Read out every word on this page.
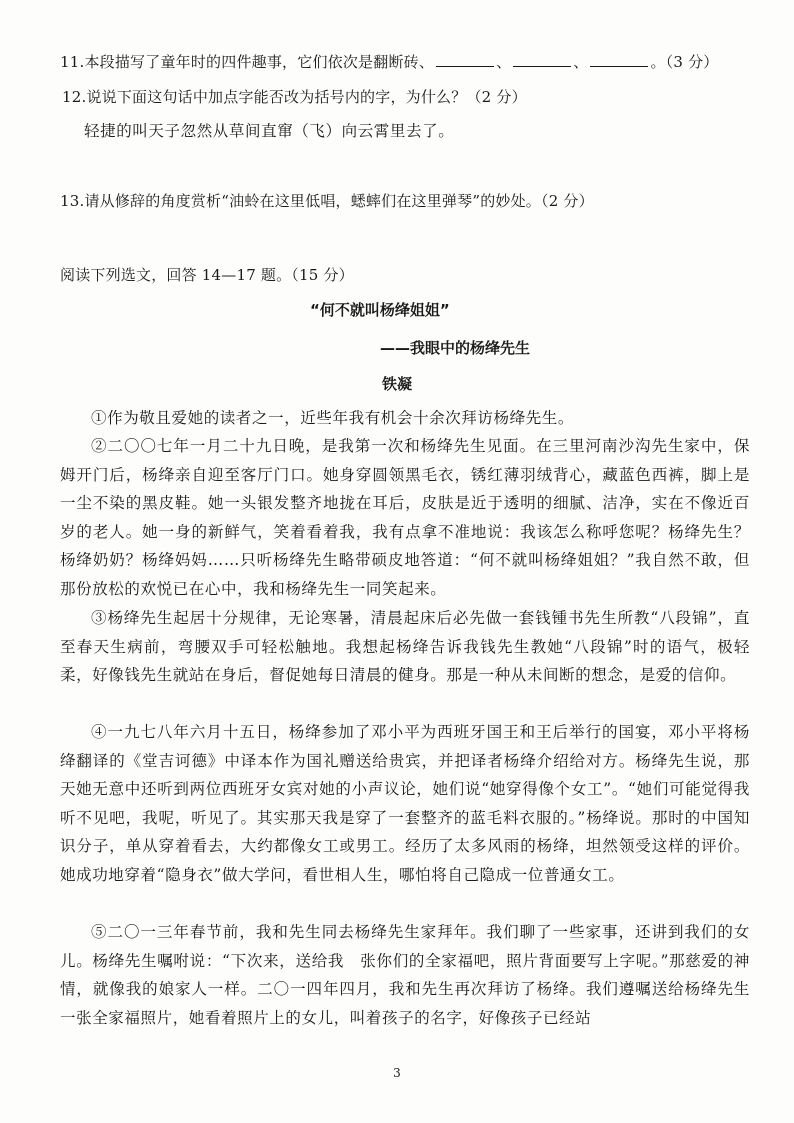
11.本段描写了童年时的四件趣事，它们依次是翻断砖、	、	、	。（3 分）
12.说说下面这句话中加点字能否改为括号内的字，为什么？（2 分）
轻捷的叫天子忽然从草间直窜（飞）向云霄里去了。
13.请从修辞的角度赏析“油蛉在这里低唱，蟋蟀们在这里弹琴”的妙处。（2 分）
阅读下列选文，回答 14—17 题。（15 分）
“何不就叫杨绛姐姐”
——我眼中的杨绛先生
铁凝
①作为敬且爱她的读者之一，近些年我有机会十余次拜访杨绛先生。
②二〇〇七年一月二十九日晚，是我第一次和杨绛先生见面。在三里河南沙沟先生家中，保姆开门后，杨绛亲自迎至客厅门口。她身穿圆领黑毛衣，锈红薄羽绒背心，藏蓝色西裤，脚上是一尘不染的黑皮鞋。她一头银发整齐地拢在耳后，皮肤是近于透明的细腻、洁净，实在不像近百岁的老人。她一身的新鲜气，笑着看着我，我有点拿不准地说：我该怎么称呼您呢？杨绛先生？杨绛奶奶？杨绛妈妈……只听杨绛先生略带硕皮地答道：“何不就叫杨绛姐姐？”我自然不敢，但那份放松的欢悦已在心中，我和杨绛先生一同笑起来。
③杨绛先生起居十分规律，无论寒暑，清晨起床后必先做一套钱锺书先生所教“八段锦”，直至春天生病前，弯腰双手可轻松触地。我想起杨绛告诉我钱先生教她“八段锦”时的语气，极轻柔，好像钱先生就站在身后，督促她每日清晨的健身。那是一种从未间断的想念，是爱的信仰。
④一九七八年六月十五日，杨绛参加了邓小平为西班牙国王和王后举行的国宴，邓小平将杨绛翻译的《堂吉诃德》中译本作为国礼赠送给贵宾，并把译者杨绛介绍给对方。杨绛先生说，那天她无意中还听到两位西班牙女宾对她的小声议论，她们说“她穿得像个女工”。“她们可能觉得我听不见吧，我呢，听见了。其实那天我是穿了一套整齐的蓝毛料衣服的。”杨绛说。那时的中国知识分子，单从穿着看去，大约都像女工或男工。经历了太多风雨的杨绛，坦然领受这样的评价。她成功地穿着“隐身衣”做大学问，看世相人生，哪怕将自己隐成一位普通女工。
⑤二〇一三年春节前，我和先生同去杨绛先生家拜年。我们聊了一些家事，还讲到我们的女儿。杨绛先生嘱咐说：“下次来，送给我　张你们的全家福吧，照片背面要写上字呢。”那慈爱的神情，就像我的娘家人一样。二〇一四年四月，我和先生再次拜访了杨绛。我们遵嘱送给杨绛先生一张全家福照片，她看着照片上的女儿，叫着孩子的名字，好像孩子已经站
3
